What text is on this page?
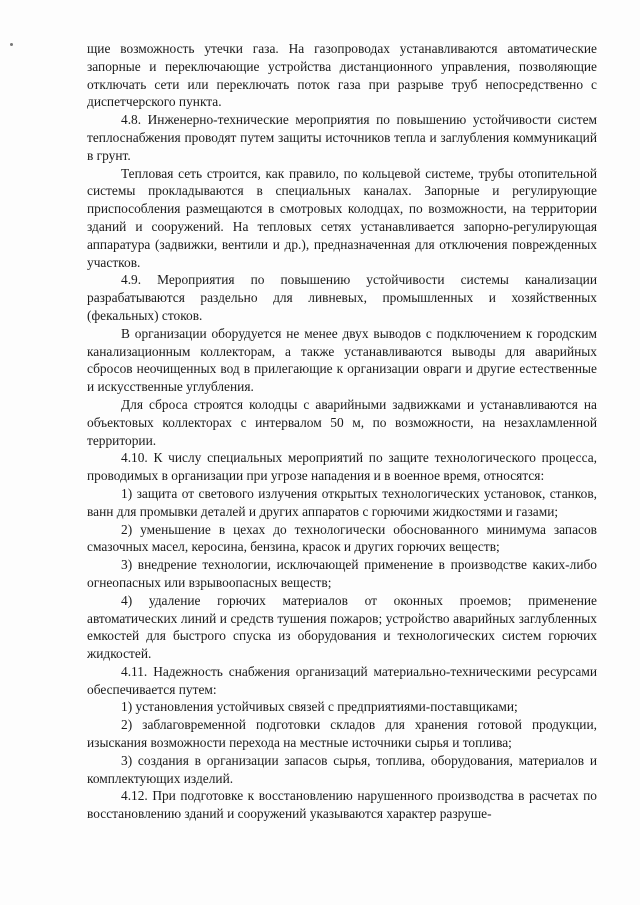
щие возможность утечки газа. На газопроводах устанавливаются автоматические запорные и переключающие устройства дистанционного управления, позволяющие отключать сети или переключать поток газа при разрыве труб непосредственно с диспетчерского пункта.

4.8. Инженерно-технические мероприятия по повышению устойчивости систем теплоснабжения проводят путем защиты источников тепла и заглубления коммуникаций в грунт.

Тепловая сеть строится, как правило, по кольцевой системе, трубы отопительной системы прокладываются в специальных каналах. Запорные и регулирующие приспособления размещаются в смотровых колодцах, по возможности, на территории зданий и сооружений. На тепловых сетях устанавливается запорно-регулирующая аппаратура (задвижки, вентили и др.), предназначенная для отключения поврежденных участков.

4.9. Мероприятия по повышению устойчивости системы канализации разрабатываются раздельно для ливневых, промышленных и хозяйственных (фекальных) стоков.

В организации оборудуется не менее двух выводов с подключением к городским канализационным коллекторам, а также устанавливаются выводы для аварийных сбросов неочищенных вод в прилегающие к организации овраги и другие естественные и искусственные углубления.

Для сброса строятся колодцы с аварийными задвижками и устанавливаются на объектовых коллекторах с интервалом 50 м, по возможности, на незахламленной территории.

4.10. К числу специальных мероприятий по защите технологического процесса, проводимых в организации при угрозе нападения и в военное время, относятся:

1) защита от светового излучения открытых технологических установок, станков, ванн для промывки деталей и других аппаратов с горючими жидкостями и газами;

2) уменьшение в цехах до технологически обоснованного минимума запасов смазочных масел, керосина, бензина, красок и других горючих веществ;

3) внедрение технологии, исключающей применение в производстве каких-либо огнеопасных или взрывоопасных веществ;

4) удаление горючих материалов от оконных проемов; применение автоматических линий и средств тушения пожаров; устройство аварийных заглубленных емкостей для быстрого спуска из оборудования и технологических систем горючих жидкостей.

4.11. Надежность снабжения организаций материально-техническими ресурсами обеспечивается путем:

1) установления устойчивых связей с предприятиями-поставщиками;

2) заблаговременной подготовки складов для хранения готовой продукции, изыскания возможности перехода на местные источники сырья и топлива;

3) создания в организации запасов сырья, топлива, оборудования, материалов и комплектующих изделий.

4.12. При подготовке к восстановлению нарушенного производства в расчетах по восстановлению зданий и сооружений указываются характер разруше-
